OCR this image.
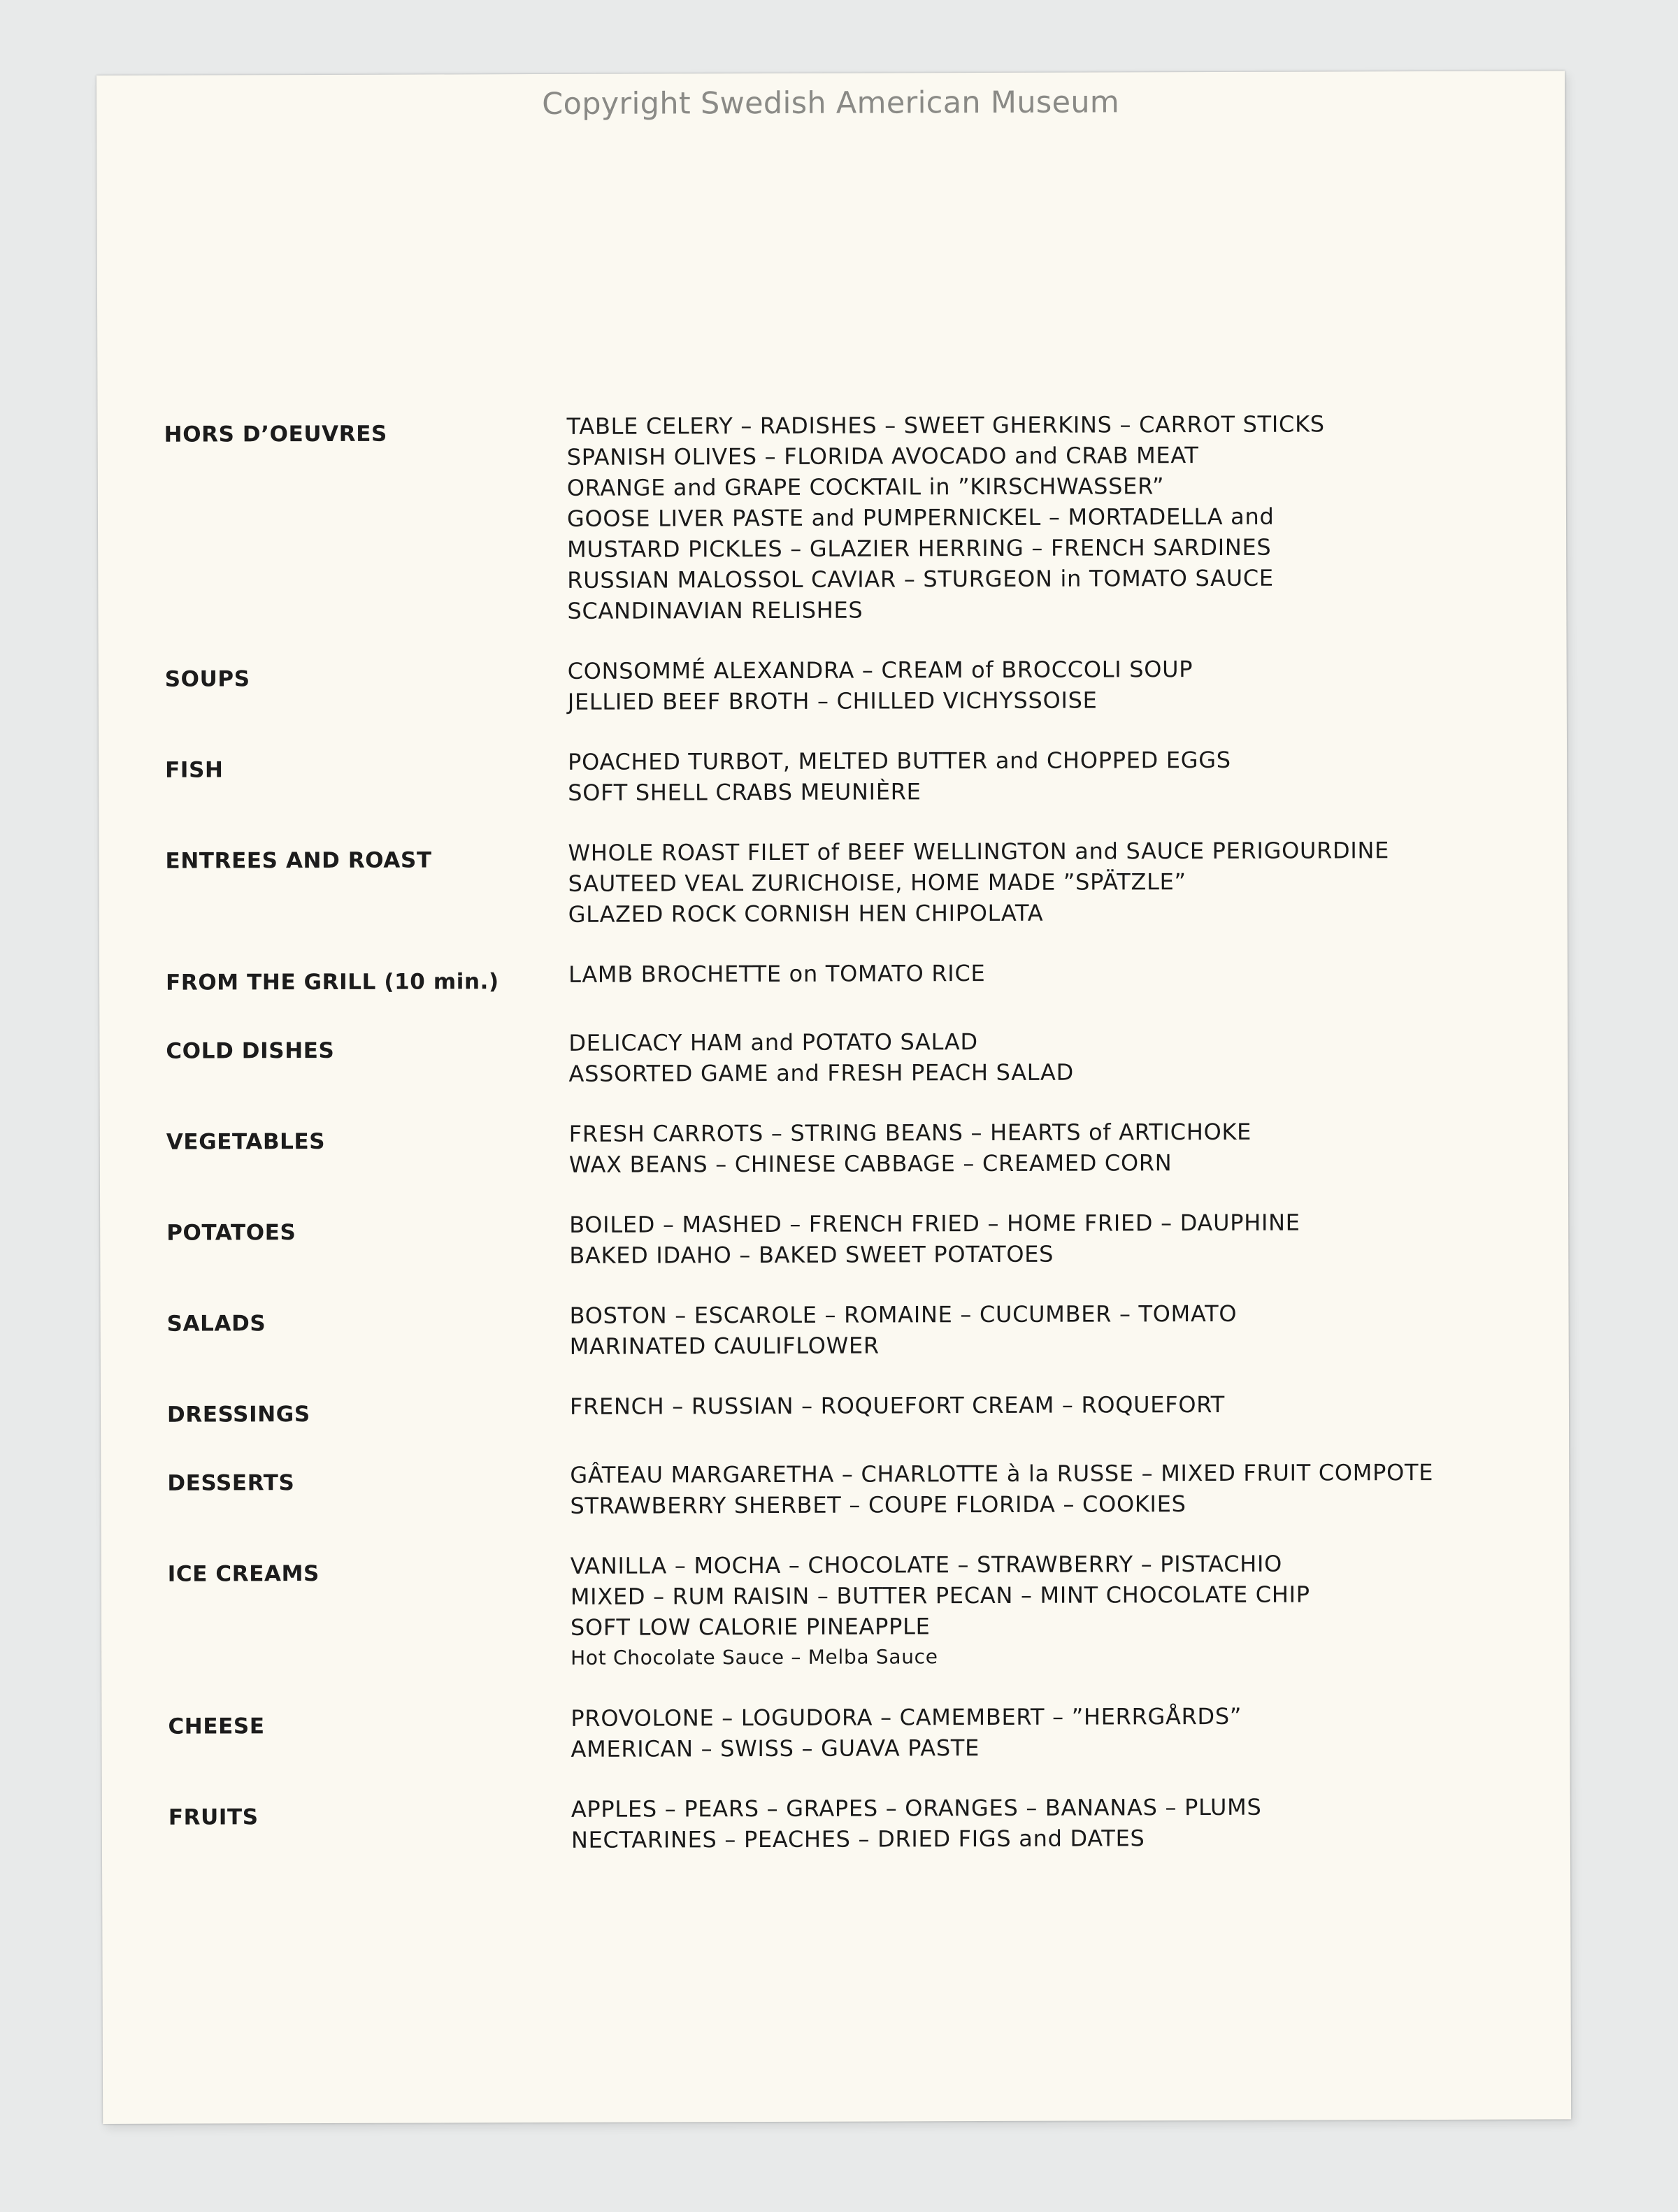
Copyright Swedish American Museum
HORS D’OEUVRES	TABLE CELERY – RADISHES – SWEET GHERKINS – CARROT STICKS
SPANISH OLIVES – FLORIDA AVOCADO and CRAB MEAT
ORANGE and GRAPE COCKTAIL in ”KIRSCHWASSER”
GOOSE LIVER PASTE and PUMPERNICKEL – MORTADELLA and
MUSTARD PICKLES – GLAZIER HERRING – FRENCH SARDINES
RUSSIAN MALOSSOL CAVIAR – STURGEON in TOMATO SAUCE
SCANDINAVIAN RELISHES
SOUPS	CONSOMMÉ ALEXANDRA – CREAM of BROCCOLI SOUP
JELLIED BEEF BROTH – CHILLED VICHYSSOISE
FISH	POACHED TURBOT, MELTED BUTTER and CHOPPED EGGS
SOFT SHELL CRABS MEUNIÈRE
ENTREES AND ROAST	WHOLE ROAST FILET of BEEF WELLINGTON and SAUCE PERIGOURDINE
SAUTEED VEAL ZURICHOISE, HOME MADE ”SPÄTZLE”
GLAZED ROCK CORNISH HEN CHIPOLATA
FROM THE GRILL (10 min.)	LAMB BROCHETTE on TOMATO RICE
COLD DISHES	DELICACY HAM and POTATO SALAD
ASSORTED GAME and FRESH PEACH SALAD
VEGETABLES	FRESH CARROTS – STRING BEANS – HEARTS of ARTICHOKE
WAX BEANS – CHINESE CABBAGE – CREAMED CORN
POTATOES	BOILED – MASHED – FRENCH FRIED – HOME FRIED – DAUPHINE
BAKED IDAHO – BAKED SWEET POTATOES
SALADS	BOSTON – ESCAROLE – ROMAINE – CUCUMBER – TOMATO
MARINATED CAULIFLOWER
DRESSINGS	FRENCH – RUSSIAN – ROQUEFORT CREAM – ROQUEFORT
DESSERTS	GÂTEAU MARGARETHA – CHARLOTTE à la RUSSE – MIXED FRUIT COMPOTE
STRAWBERRY SHERBET – COUPE FLORIDA – COOKIES
ICE CREAMS	VANILLA – MOCHA – CHOCOLATE – STRAWBERRY – PISTACHIO
MIXED – RUM RAISIN – BUTTER PECAN – MINT CHOCOLATE CHIP
SOFT LOW CALORIE PINEAPPLE
Hot Chocolate Sauce – Melba Sauce
CHEESE	PROVOLONE – LOGUDORA – CAMEMBERT – ”HERRGÅRDS”
AMERICAN – SWISS – GUAVA PASTE
FRUITS	APPLES – PEARS – GRAPES – ORANGES – BANANAS – PLUMS
NECTARINES – PEACHES – DRIED FIGS and DATES
